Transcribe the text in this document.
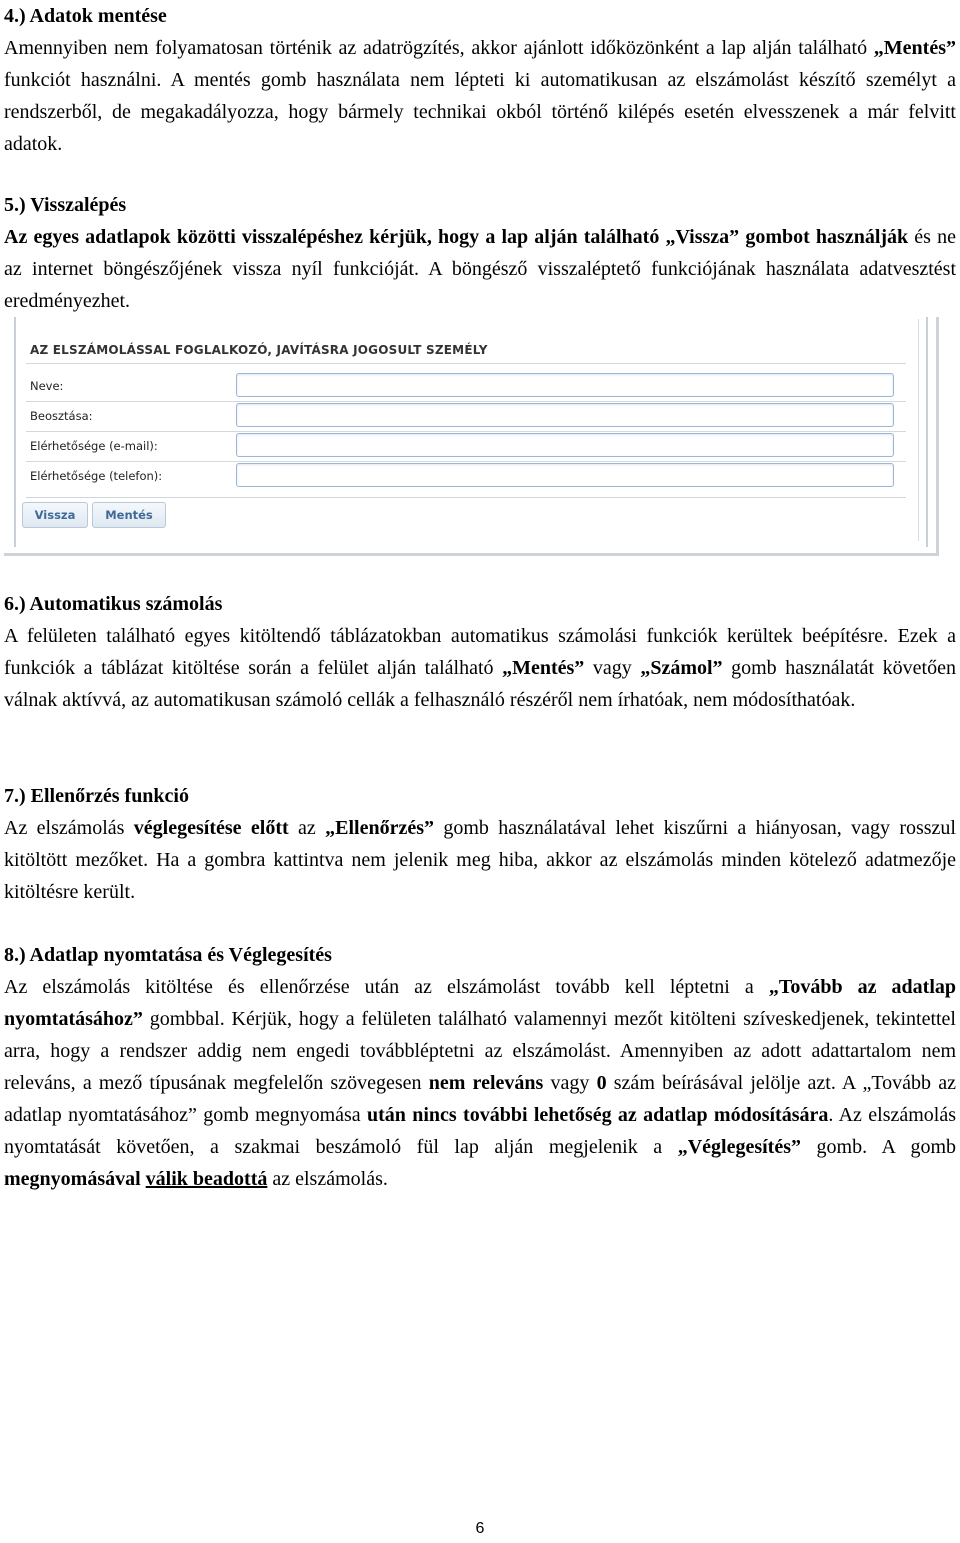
4.) Adatok mentése

Amennyiben nem folyamatosan történik az adatrögzítés, akkor ajánlott időközönként a lap alján található „Mentés” funkciót használni. A mentés gomb használata nem lépteti ki automatikusan az elszámolást készítő személyt a rendszerből, de megakadályozza, hogy bármely technikai okból történő kilépés esetén elvesszenek a már felvitt adatok.

5.) Visszalépés

Az egyes adatlapok közötti visszalépéshez kérjük, hogy a lap alján található „Vissza” gombot használják és ne az internet böngészőjének vissza nyíl funkcióját. A böngésző visszaléptető funkciójának használata adatvesztést eredményezhet.

AZ ELSZÁMOLÁSSAL FOGLALKOZÓ, JAVÍTÁSRA JOGOSULT SZEMÉLY
Neve:
Beosztása:
Elérhetősége (e-mail):
Elérhetősége (telefon):
Vissza	Mentés

6.) Automatikus számolás

A felületen található egyes kitöltendő táblázatokban automatikus számolási funkciók kerültek beépítésre. Ezek a funkciók a táblázat kitöltése során a felület alján található „Mentés” vagy „Számol” gomb használatát követően válnak aktívvá, az automatikusan számoló cellák a felhasználó részéről nem írhatóak, nem módosíthatóak.

7.) Ellenőrzés funkció

Az elszámolás véglegesítése előtt az „Ellenőrzés” gomb használatával lehet kiszűrni a hiányosan, vagy rosszul kitöltött mezőket. Ha a gombra kattintva nem jelenik meg hiba, akkor az elszámolás minden kötelező adatmezője kitöltésre került.

8.) Adatlap nyomtatása és Véglegesítés

Az elszámolás kitöltése és ellenőrzése után az elszámolást tovább kell léptetni a „Tovább az adatlap nyomtatásához” gombbal. Kérjük, hogy a felületen található valamennyi mezőt kitölteni szíveskedjenek, tekintettel arra, hogy a rendszer addig nem engedi továbbléptetni az elszámolást. Amennyiben az adott adattartalom nem releváns, a mező típusának megfelelőn szövegesen nem releváns vagy 0 szám beírásával jelölje azt. A „Tovább az adatlap nyomtatásához” gomb megnyomása után nincs további lehetőség az adatlap módosítására. Az elszámolás nyomtatását követően, a szakmai beszámoló fül lap alján megjelenik a „Véglegesítés” gomb. A gomb megnyomásával válik beadottá az elszámolás.

6
